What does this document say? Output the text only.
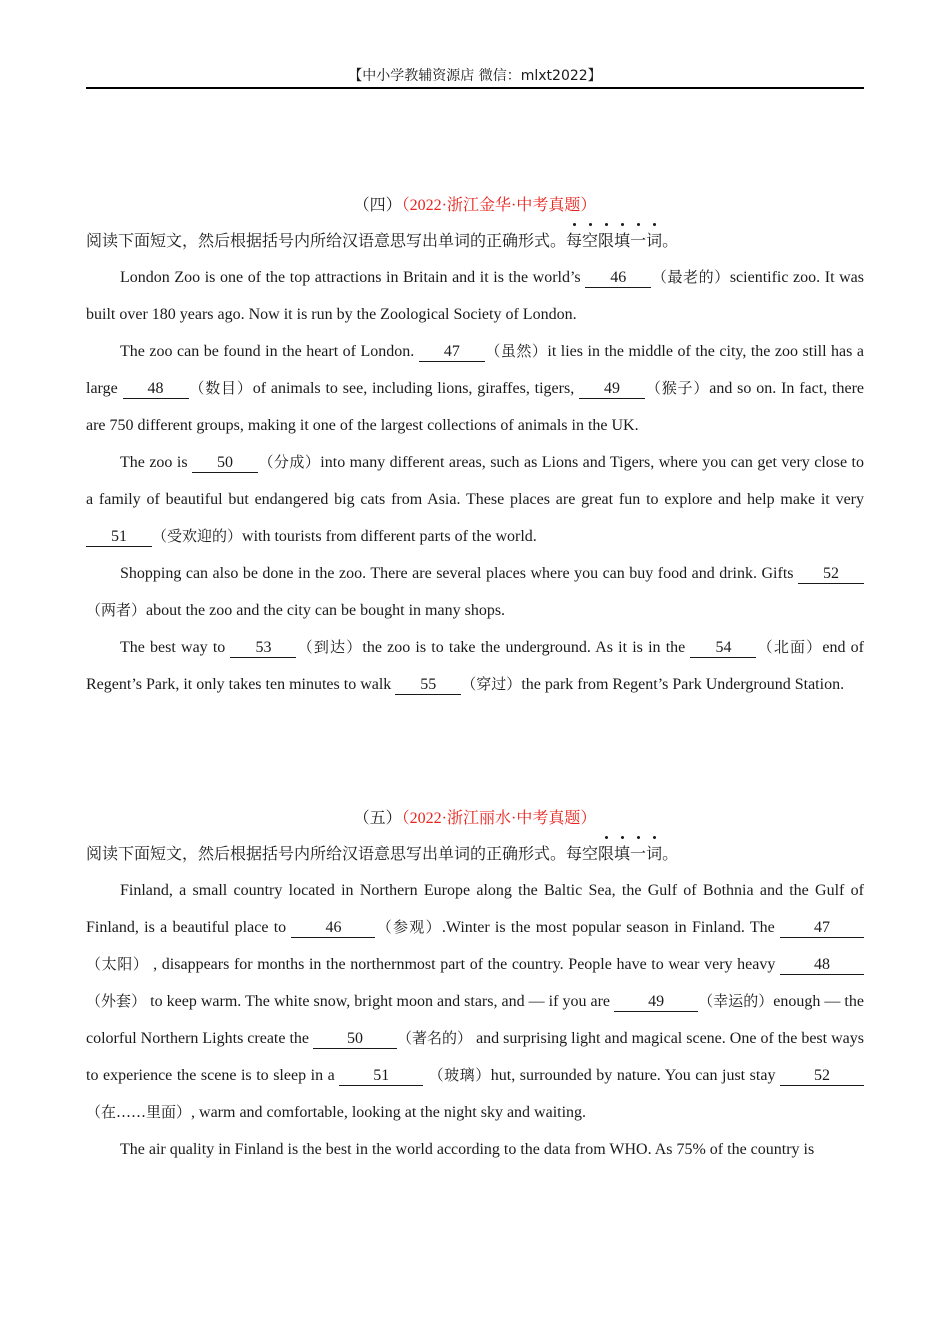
【中小学教辅资源店 微信：mlxt2022】
（四）（2022·浙江金华·中考真题）
阅读下面短文，然后根据括号内所给汉语意思写出单词的正确形式。每空限填一词。

London Zoo is one of the top attractions in Britain and it is the world’s 46 （最老的）scientific zoo. It was built over 180 years ago. Now it is run by the Zoological Society of London.

The zoo can be found in the heart of London. 47 （虽然）it lies in the middle of the city, the zoo still has a large 48 （数目）of animals to see, including lions, giraffes, tigers, 49 （猴子）and so on. In fact, there are 750 different groups, making it one of the largest collections of animals in the UK.

The zoo is 50 （分成）into many different areas, such as Lions and Tigers, where you can get very close to a family of beautiful but endangered big cats from Asia. These places are great fun to explore and help make it very 51 （受欢迎的）with tourists from different parts of the world.

Shopping can also be done in the zoo. There are several places where you can buy food and drink. Gifts 52（两者）about the zoo and the city can be bought in many shops.

The best way to 53 （到达）the zoo is to take the underground. As it is in the 54 （北面）end of Regent’s Park, it only takes ten minutes to walk 55 （穿过）the park from Regent’s Park Underground Station.

（五）（2022·浙江丽水·中考真题）
阅读下面短文，然后根据括号内所给汉语意思写出单词的正确形式。每空限填一词。

Finland, a small country located in Northern Europe along the Baltic Sea, the Gulf of Bothnia and the Gulf of Finland, is a beautiful place to 46 （参观）.Winter is the most popular season in Finland. The 47（太阳） , disappears for months in the northernmost part of the country. People have to wear very heavy 48（外套） to keep warm. The white snow, bright moon and stars, and — if you are 49 （幸运的）enough — the colorful Northern Lights create the 50 （著名的） and surprising light and magical scene. One of the best ways to experience the scene is to sleep in a 51 （玻璃）hut, surrounded by nature. You can just stay 52（在……里面）, warm and comfortable, looking at the night sky and waiting.

The air quality in Finland is the best in the world according to the data from WHO. As 75% of the country is
